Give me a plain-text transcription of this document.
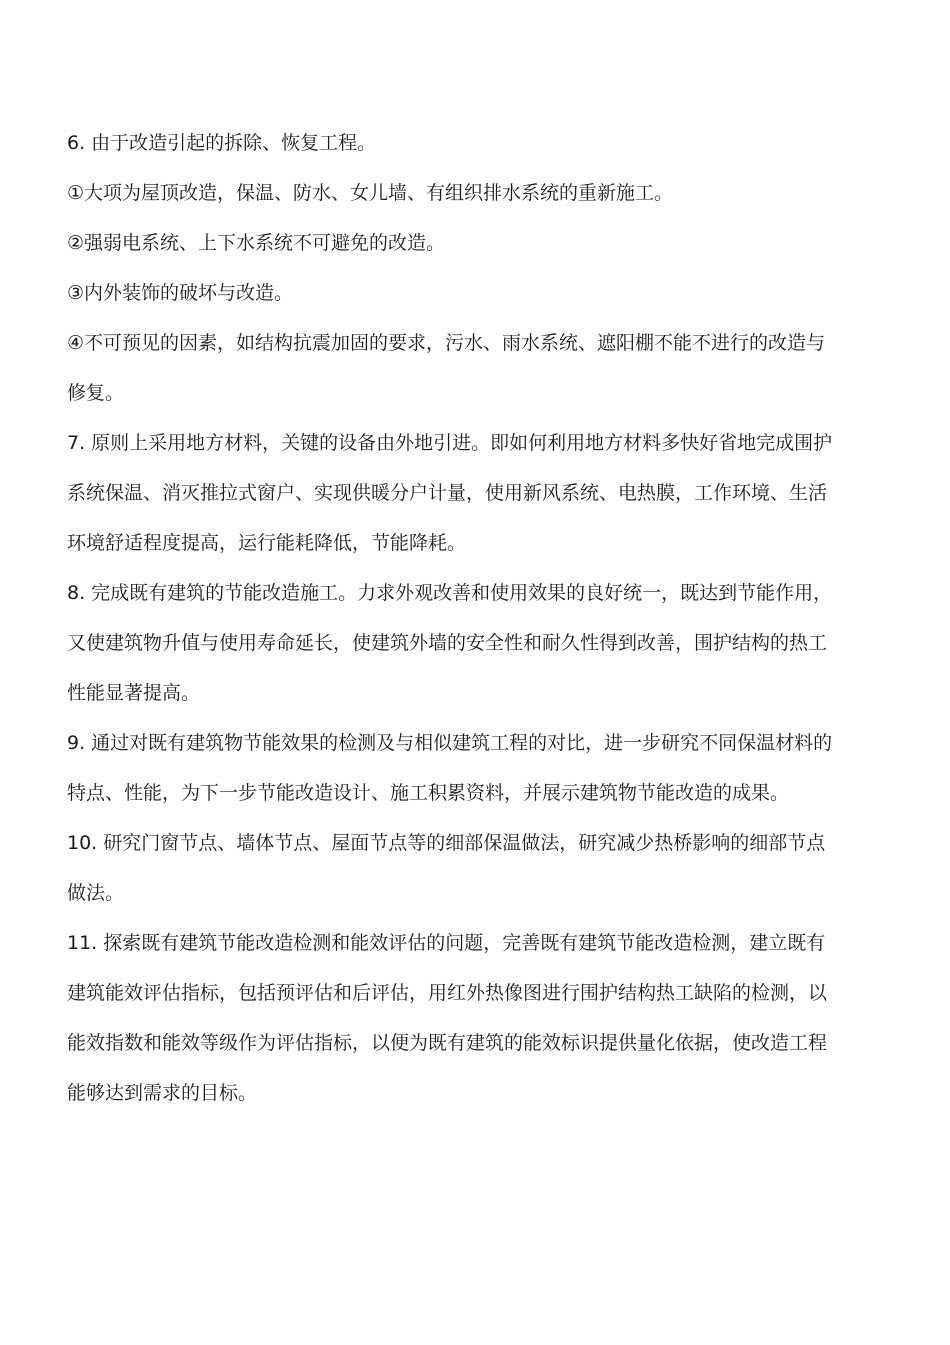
6. 由于改造引起的拆除、恢复工程。

①大项为屋顶改造，保温、防水、女儿墙、有组织排水系统的重新施工。

②强弱电系统、上下水系统不可避免的改造。

③内外装饰的破坏与改造。

④不可预见的因素，如结构抗震加固的要求，污水、雨水系统、遮阳棚不能不进行的改造与修复。

7. 原则上采用地方材料，关键的设备由外地引进。即如何利用地方材料多快好省地完成围护系统保温、消灭推拉式窗户、实现供暖分户计量，使用新风系统、电热膜，工作环境、生活环境舒适程度提高，运行能耗降低，节能降耗。

8. 完成既有建筑的节能改造施工。力求外观改善和使用效果的良好统一，既达到节能作用，又使建筑物升值与使用寿命延长，使建筑外墙的安全性和耐久性得到改善，围护结构的热工性能显著提高。

9. 通过对既有建筑物节能效果的检测及与相似建筑工程的对比，进一步研究不同保温材料的特点、性能，为下一步节能改造设计、施工积累资料，并展示建筑物节能改造的成果。

10. 研究门窗节点、墙体节点、屋面节点等的细部保温做法，研究减少热桥影响的细部节点做法。

11. 探索既有建筑节能改造检测和能效评估的问题，完善既有建筑节能改造检测，建立既有建筑能效评估指标，包括预评估和后评估，用红外热像图进行围护结构热工缺陷的检测，以能效指数和能效等级作为评估指标，以便为既有建筑的能效标识提供量化依据，使改造工程能够达到需求的目标。
